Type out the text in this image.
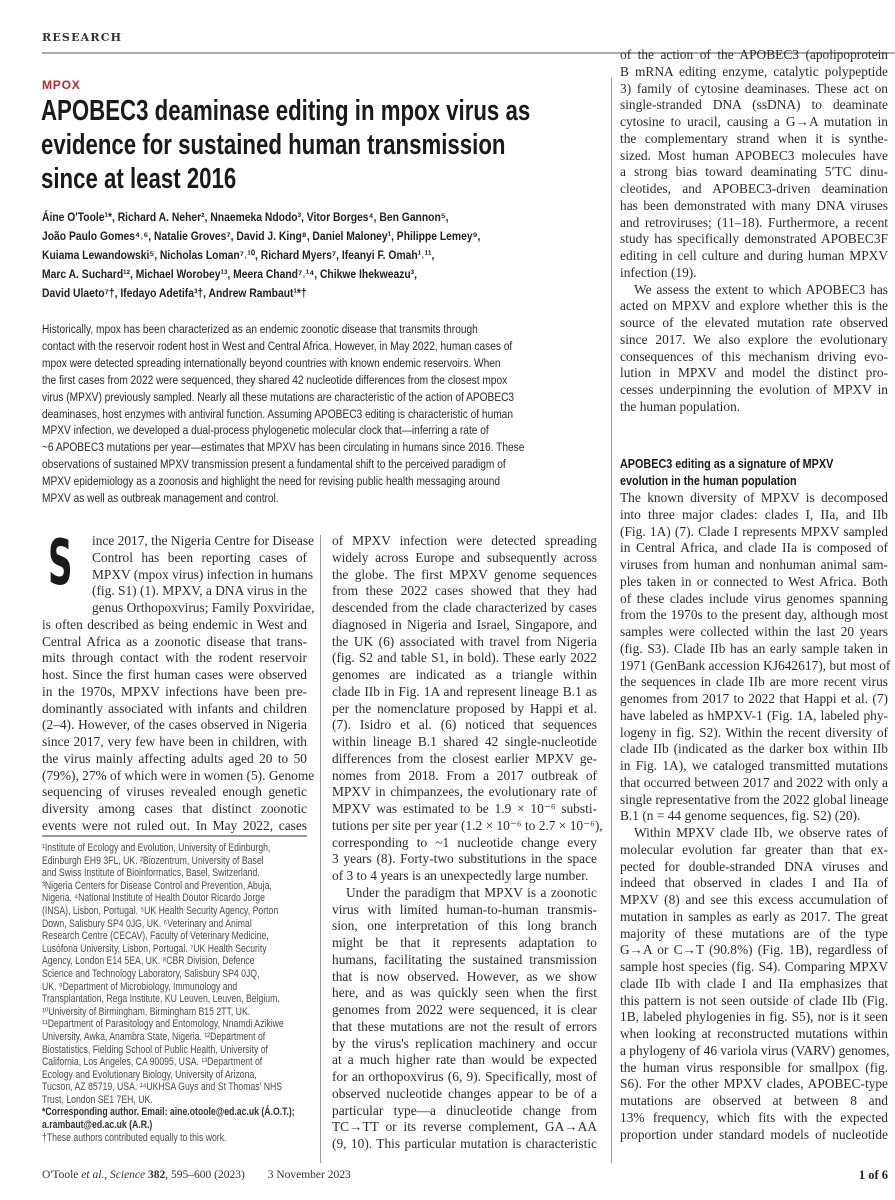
RESEARCH
MPOX
APOBEC3 deaminase editing in mpox virus as
evidence for sustained human transmission
since at least 2016
Áine O'Toole¹*, Richard A. Neher², Nnaemeka Ndodo³, Vitor Borges⁴, Ben Gannon⁵,
João Paulo Gomes⁴˒⁶, Natalie Groves⁷, David J. King⁸, Daniel Maloney¹, Philippe Lemey⁹,
Kuiama Lewandowski⁵, Nicholas Loman⁷˒¹⁰, Richard Myers⁷, Ifeanyi F. Omah¹˒¹¹,
Marc A. Suchard¹², Michael Worobey¹³, Meera Chand⁷˒¹⁴, Chikwe Ihekweazu³,
David Ulaeto⁷†, Ifedayo Adetifa³†, Andrew Rambaut¹*†
Historically, mpox has been characterized as an endemic zoonotic disease that transmits through
contact with the reservoir rodent host in West and Central Africa. However, in May 2022, human cases of
mpox were detected spreading internationally beyond countries with known endemic reservoirs. When
the first cases from 2022 were sequenced, they shared 42 nucleotide differences from the closest mpox
virus (MPXV) previously sampled. Nearly all these mutations are characteristic of the action of APOBEC3
deaminases, host enzymes with antiviral function. Assuming APOBEC3 editing is characteristic of human
MPXV infection, we developed a dual-process phylogenetic molecular clock that—inferring a rate of
~6 APOBEC3 mutations per year—estimates that MPXV has been circulating in humans since 2016. These
observations of sustained MPXV transmission present a fundamental shift to the perceived paradigm of
MPXV epidemiology as a zoonosis and highlight the need for revising public health messaging around
MPXV as well as outbreak management and control.
S	ince 2017, the Nigeria Centre for Disease
Control has been reporting cases of
MPXV (mpox virus) infection in humans
(fig. S1) (1). MPXV, a DNA virus in the
genus Orthopoxvirus; Family Poxviridae,
is often described as being endemic in West and
Central Africa as a zoonotic disease that trans-
mits through contact with the rodent reservoir
host. Since the first human cases were observed
in the 1970s, MPXV infections have been pre-
dominantly associated with infants and children
(2–4). However, of the cases observed in Nigeria
since 2017, very few have been in children, with
the virus mainly affecting adults aged 20 to 50
(79%), 27% of which were in women (5). Genome
sequencing of viruses revealed enough genetic
diversity among cases that distinct zoonotic
events were not ruled out. In May 2022, cases
¹Institute of Ecology and Evolution, University of Edinburgh,
Edinburgh EH9 3FL, UK. ²Biozentrum, University of Basel
and Swiss Institute of Bioinformatics, Basel, Switzerland.
³Nigeria Centers for Disease Control and Prevention, Abuja,
Nigeria. ⁴National Institute of Health Doutor Ricardo Jorge
(INSA), Lisbon, Portugal. ⁵UK Health Security Agency, Porton
Down, Salisbury SP4 0JG, UK. ⁶Veterinary and Animal
Research Centre (CECAV), Faculty of Veterinary Medicine,
Lusófona University, Lisbon, Portugal. ⁷UK Health Security
Agency, London E14 5EA, UK. ⁸CBR Division, Defence
Science and Technology Laboratory, Salisbury SP4 0JQ,
UK. ⁹Department of Microbiology, Immunology and
Transplantation, Rega Institute, KU Leuven, Leuven, Belgium.
¹⁰University of Birmingham, Birmingham B15 2TT, UK.
¹¹Department of Parasitology and Entomology, Nnamdi Azikiwe
University, Awka, Anambra State, Nigeria. ¹²Department of
Biostatistics, Fielding School of Public Health, University of
California, Los Angeles, CA 90095, USA. ¹³Department of
Ecology and Evolutionary Biology, University of Arizona,
Tucson, AZ 85719, USA. ¹⁴UKHSA Guys and St Thomas' NHS
Trust, London SE1 7EH, UK.
*Corresponding author. Email: aine.otoole@ed.ac.uk (Á.O.T.);
a.rambaut@ed.ac.uk (A.R.)
†These authors contributed equally to this work.
of MPXV infection were detected spreading
widely across Europe and subsequently across
the globe. The first MPXV genome sequences
from these 2022 cases showed that they had
descended from the clade characterized by cases
diagnosed in Nigeria and Israel, Singapore, and
the UK (6) associated with travel from Nigeria
(fig. S2 and table S1, in bold). These early 2022
genomes are indicated as a triangle within
clade IIb in Fig. 1A and represent lineage B.1 as
per the nomenclature proposed by Happi et al.
(7). Isidro et al. (6) noticed that sequences
within lineage B.1 shared 42 single-nucleotide
differences from the closest earlier MPXV ge-
nomes from 2018. From a 2017 outbreak of
MPXV in chimpanzees, the evolutionary rate of
MPXV was estimated to be 1.9 × 10⁻⁶ substi-
tutions per site per year (1.2 × 10⁻⁶ to 2.7 × 10⁻⁶),
corresponding to ~1 nucleotide change every
3 years (8). Forty-two substitutions in the space
of 3 to 4 years is an unexpectedly large number.
Under the paradigm that MPXV is a zoonotic
virus with limited human-to-human transmis-
sion, one interpretation of this long branch
might be that it represents adaptation to
humans, facilitating the sustained transmission
that is now observed. However, as we show
here, and as was quickly seen when the first
genomes from 2022 were sequenced, it is clear
that these mutations are not the result of errors
by the virus's replication machinery and occur
at a much higher rate than would be expected
for an orthopoxvirus (6, 9). Specifically, most of
observed nucleotide changes appear to be of a
particular type—a dinucleotide change from
TC→TT or its reverse complement, GA→AA
(9, 10). This particular mutation is characteristic
of the action of the APOBEC3 (apolipoprotein
B mRNA editing enzyme, catalytic polypeptide
3) family of cytosine deaminases. These act on
single-stranded DNA (ssDNA) to deaminate
cytosine to uracil, causing a G→A mutation in
the complementary strand when it is synthe-
sized. Most human APOBEC3 molecules have
a strong bias toward deaminating 5′TC dinu-
cleotides, and APOBEC3-driven deamination
has been demonstrated with many DNA viruses
and retroviruses; (11–18). Furthermore, a recent
study has specifically demonstrated APOBEC3F
editing in cell culture and during human MPXV
infection (19).
We assess the extent to which APOBEC3 has
acted on MPXV and explore whether this is the
source of the elevated mutation rate observed
since 2017. We also explore the evolutionary
consequences of this mechanism driving evo-
lution in MPXV and model the distinct pro-
cesses underpinning the evolution of MPXV in
the human population.
APOBEC3 editing as a signature of MPXV
evolution in the human population
The known diversity of MPXV is decomposed
into three major clades: clades I, IIa, and IIb
(Fig. 1A) (7). Clade I represents MPXV sampled
in Central Africa, and clade IIa is composed of
viruses from human and nonhuman animal sam-
ples taken in or connected to West Africa. Both
of these clades include virus genomes spanning
from the 1970s to the present day, although most
samples were collected within the last 20 years
(fig. S3). Clade IIb has an early sample taken in
1971 (GenBank accession KJ642617), but most of
the sequences in clade IIb are more recent virus
genomes from 2017 to 2022 that Happi et al. (7)
have labeled as hMPXV-1 (Fig. 1A, labeled phy-
logeny in fig. S2). Within the recent diversity of
clade IIb (indicated as the darker box within IIb
in Fig. 1A), we cataloged transmitted mutations
that occurred between 2017 and 2022 with only a
single representative from the 2022 global lineage
B.1 (n = 44 genome sequences, fig. S2) (20).
Within MPXV clade IIb, we observe rates of
molecular evolution far greater than that ex-
pected for double-stranded DNA viruses and
indeed that observed in clades I and IIa of
MPXV (8) and see this excess accumulation of
mutation in samples as early as 2017. The great
majority of these mutations are of the type
G→A or C→T (90.8%) (Fig. 1B), regardless of
sample host species (fig. S4). Comparing MPXV
clade IIb with clade I and IIa emphasizes that
this pattern is not seen outside of clade IIb (Fig.
1B, labeled phylogenies in fig. S5), nor is it seen
when looking at reconstructed mutations within
a phylogeny of 46 variola virus (VARV) genomes,
the human virus responsible for smallpox (fig.
S6). For the other MPXV clades, APOBEC-type
mutations are observed at between 8 and
13% frequency, which fits with the expected
proportion under standard models of nucleotide
O'Toole et al., Science 382, 595–600 (2023) 3 November 2023	1 of 6
